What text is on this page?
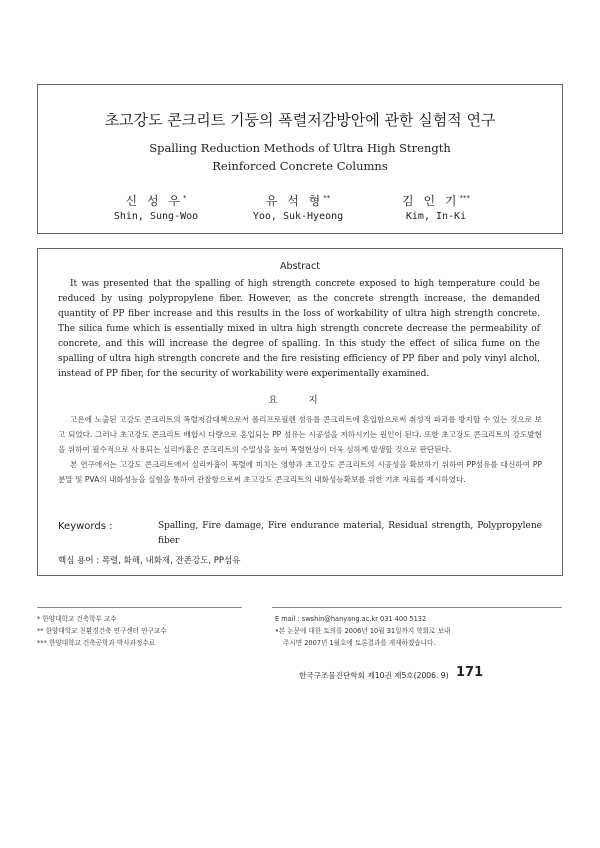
초고강도 콘크리트 기둥의 폭렬저감방안에 관한 실험적 연구
Spalling Reduction Methods of Ultra High Strength
Reinforced Concrete Columns
신 성 우*	유 석 형**	김 인 기***
Shin, Sung-Woo	Yoo, Suk-Hyeong	Kim, In-Ki
Abstract
It was presented that the spalling of high strength concrete exposed to high temperature could be reduced by using polypropylene fiber. However, as the concrete strength increase, the demanded quantity of PP fiber increase and this results in the loss of workability of ultra high strength concrete. The silica fume which is essentially mixed in ultra high strength concrete decrease the permeability of concrete, and this will increase the degree of spalling. In this study the effect of silica fume on the spalling of ultra high strength concrete and the fire resisting efficiency of PP fiber and poly vinyl alchol, instead of PP fiber, for the security of workability were experimentally examined.
요 지

고온에 노출된 고강도 콘크리트의 폭렬저감대책으로서 폴리프로필렌 섬유를 콘크리트에 혼입함으로써 취성적 파괴를 방지할 수 있는 것으로 보고 되었다. 그러나 초고강도 콘크리트 배합시 다량으로 혼입되는 PP 섬유는 시공성을 저하시키는 원인이 된다. 또한 초고강도 콘크리트의 강도발현을 위하여 필수적으로 사용되는 실리카흄은 콘크리트의 수밀성을 높여 폭렬현상이 더욱 심하게 발생할 것으로 판단된다.

본 연구에서는 고강도 콘크리트에서 실리카흄이 폭렬에 미치는 영향과 초고강도 콘크리트의 시공성을 확보하기 위하여 PP섬유를 대신하여 PP분말 및 PVA의 내화성능을 실험을 통하여 관찰함으로써 초고강도 콘크리트의 내화성능확보를 위한 기초 자료를 제시하였다.

Keywords :	Spalling, Fire damage, Fire endurance material, Residual strength, Polypropylene fiber
핵심 용어 : 폭렬, 화해, 내화재, 잔존강도, PP섬유
* 한양대학교 건축학부 교수
** 한양대학교 친환경건축 연구센터 연구교수
*** 한양대학교 건축공학과 박사과정수료
E mail : swshin@hanyang.ac.kr 031 400 5132
•본 논문에 대한 토의를 2006년 10월 31일까지 학회로 보내
주시면 2007년 1월호에 토론결과를 게재하겠습니다.
한국구조물진단학회 제10권 제5호(2006. 9) 171
